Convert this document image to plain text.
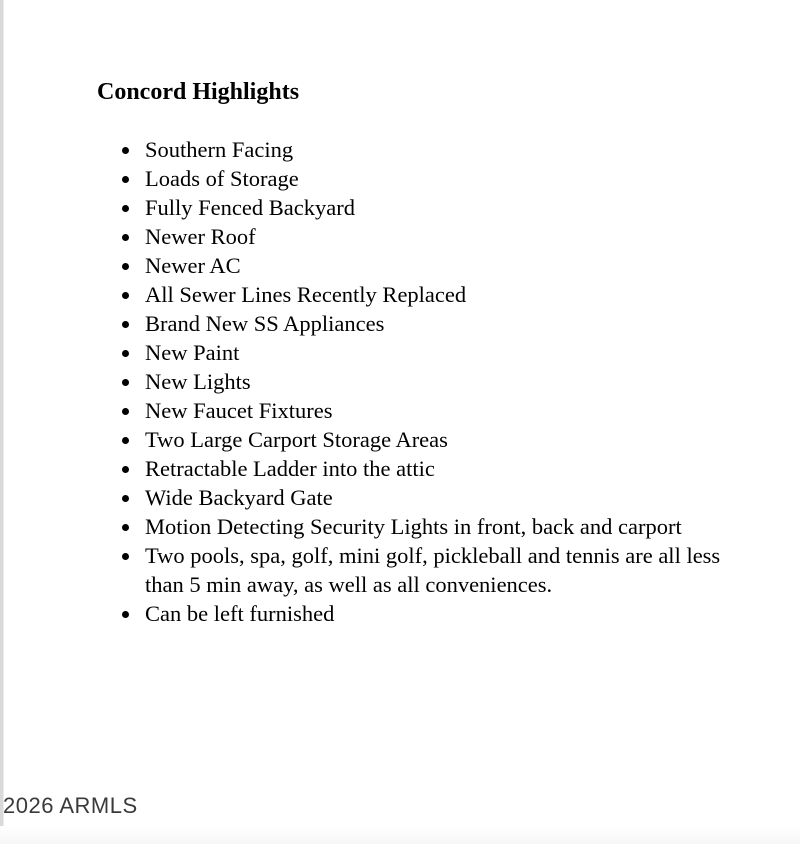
Concord Highlights
Southern Facing
Loads of Storage
Fully Fenced Backyard
Newer Roof
Newer AC
All Sewer Lines Recently Replaced
Brand New SS Appliances
New Paint
New Lights
New Faucet Fixtures
Two Large Carport Storage Areas
Retractable Ladder into the attic
Wide Backyard Gate
Motion Detecting Security Lights in front, back and carport
Two pools, spa, golf, mini golf, pickleball and tennis are all less than 5 min away, as well as all conveniences.
Can be left furnished
2026 ARMLS
